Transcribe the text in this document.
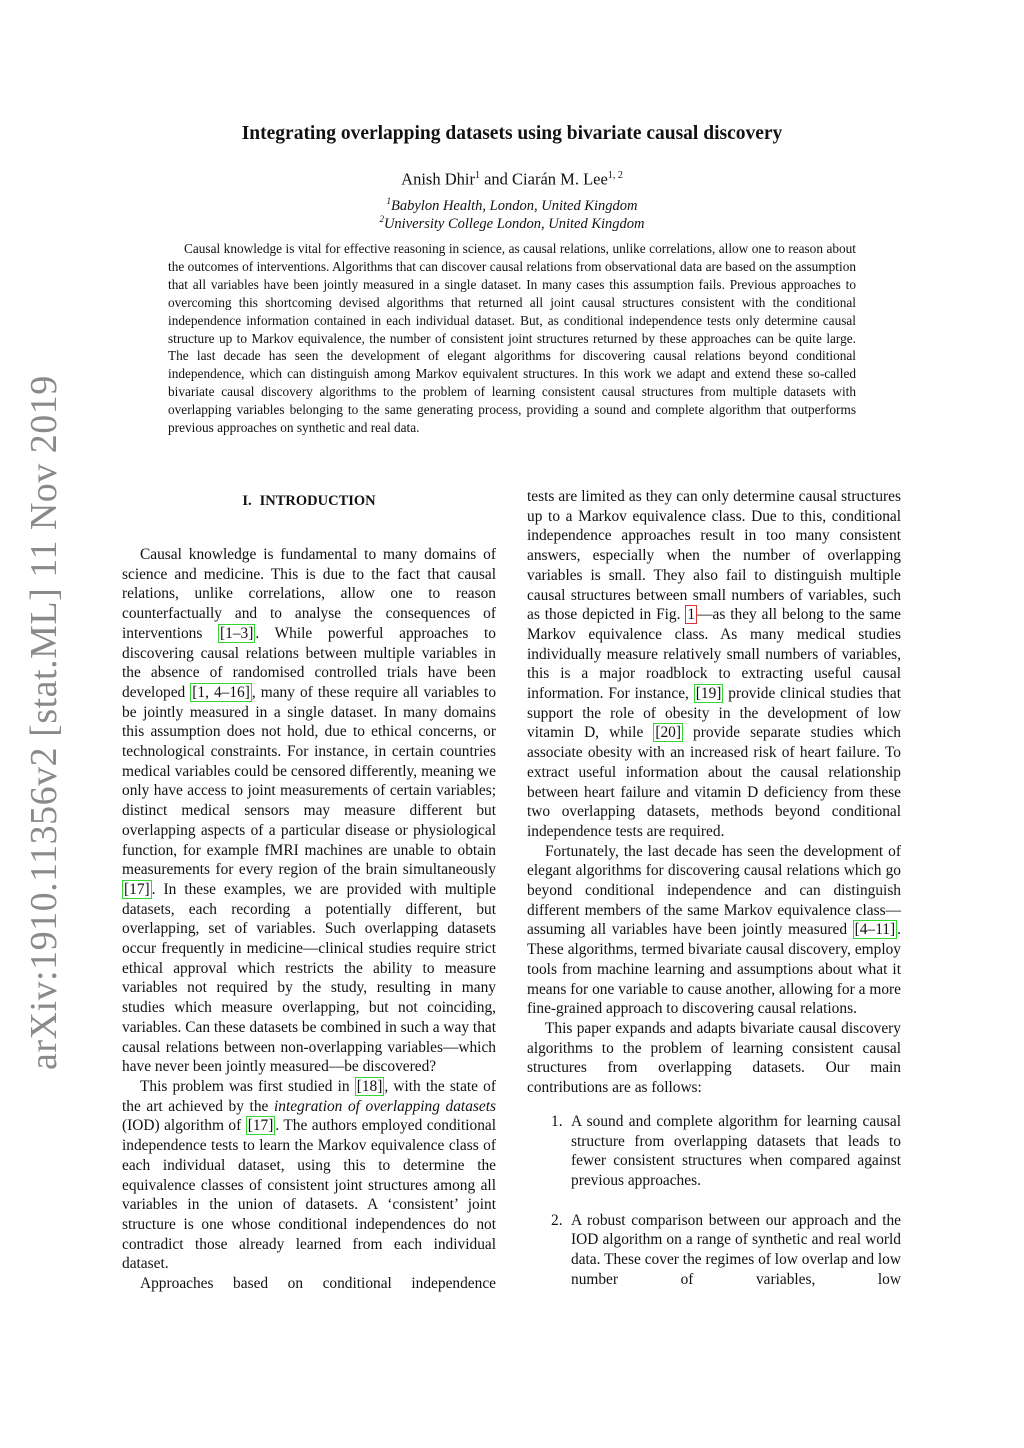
arXiv:1910.11356v2 [stat.ML] 11 Nov 2019
Integrating overlapping datasets using bivariate causal discovery
Anish Dhir$^1$ and Ciarán M. Lee$^{1, 2}$
$^1$Babylon Health, London, United Kingdom
$^2$University College London, United Kingdom

Causal knowledge is vital for effective reasoning in science, as causal relations, unlike correlations, allow one to reason about the outcomes of interventions. Algorithms that can discover causal relations from observational data are based on the assumption that all variables have been jointly measured in a single dataset. In many cases this assumption fails. Previous approaches to overcoming this shortcoming devised algorithms that returned all joint causal structures consistent with the conditional independence information contained in each individual dataset. But, as conditional independence tests only determine causal structure up to Markov equivalence, the number of consistent joint structures returned by these approaches can be quite large. The last decade has seen the development of elegant algorithms for discovering causal relations beyond conditional independence, which can distinguish among Markov equivalent structures. In this work we adapt and extend these so-called bivariate causal discovery algorithms to the problem of learning consistent causal structures from multiple datasets with overlapping variables belonging to the same generating process, providing a sound and complete algorithm that outperforms previous approaches on synthetic and real data.

I. INTRODUCTION

Causal knowledge is fundamental to many domains of science and medicine. This is due to the fact that causal relations, unlike correlations, allow one to reason counterfactually and to analyse the consequences of interventions [1–3] . While powerful approaches to discovering causal relations between multiple variables in the absence of randomised controlled trials have been developed [1, 4–16] , many of these require all variables to be jointly measured in a single dataset. In many domains this assumption does not hold, due to ethical concerns, or technological constraints. For instance, in certain countries medical variables could be censored differently, meaning we only have access to joint measurements of certain variables; distinct medical sensors may measure different but overlapping aspects of a particular disease or physiological function, for example fMRI machines are unable to obtain measurements for every region of the brain simultaneously [17] . In these examples, we are provided with multiple datasets, each recording a potentially different, but overlapping, set of variables. Such overlapping datasets occur frequently in medicine—clinical studies require strict ethical approval which restricts the ability to measure variables not required by the study, resulting in many studies which measure overlapping, but not coinciding, variables. Can these datasets be combined in such a way that causal relations between non-overlapping variables—which have never been jointly measured—be discovered?

This problem was first studied in [18] , with the state of the art achieved by the integration of overlapping datasets (IOD) algorithm of [17] . The authors employed conditional independence tests to learn the Markov equivalence class of each individual dataset, using this to determine the equivalence classes of consistent joint structures among all variables in the union of datasets. A ‘consistent’ joint structure is one whose conditional independences do not contradict those already learned from each individual dataset.

Approaches based on conditional independence

tests are limited as they can only determine causal structures up to a Markov equivalence class. Due to this, conditional independence approaches result in too many consistent answers, especially when the number of overlapping variables is small. They also fail to distinguish multiple causal structures between small numbers of variables, such as those depicted in Fig. 1 —as they all belong to the same Markov equivalence class. As many medical studies individually measure relatively small numbers of variables, this is a major roadblock to extracting useful causal information. For instance, [19] provide clinical studies that support the role of obesity in the development of low vitamin D, while [20] provide separate studies which associate obesity with an increased risk of heart failure. To extract useful information about the causal relationship between heart failure and vitamin D deficiency from these two overlapping datasets, methods beyond conditional independence tests are required.

Fortunately, the last decade has seen the development of elegant algorithms for discovering causal relations which go beyond conditional independence and can distinguish different members of the same Markov equivalence class—assuming all variables have been jointly measured [4–11] . These algorithms, termed bivariate causal discovery, employ tools from machine learning and assumptions about what it means for one variable to cause another, allowing for a more fine-grained approach to discovering causal relations.

This paper expands and adapts bivariate causal discovery algorithms to the problem of learning consistent causal structures from overlapping datasets. Our main contributions are as follows:

1. A sound and complete algorithm for learning causal structure from overlapping datasets that leads to fewer consistent structures when compared against previous approaches.
2. A robust comparison between our approach and the IOD algorithm on a range of synthetic and real world data. These cover the regimes of low overlap and low number of variables, low
